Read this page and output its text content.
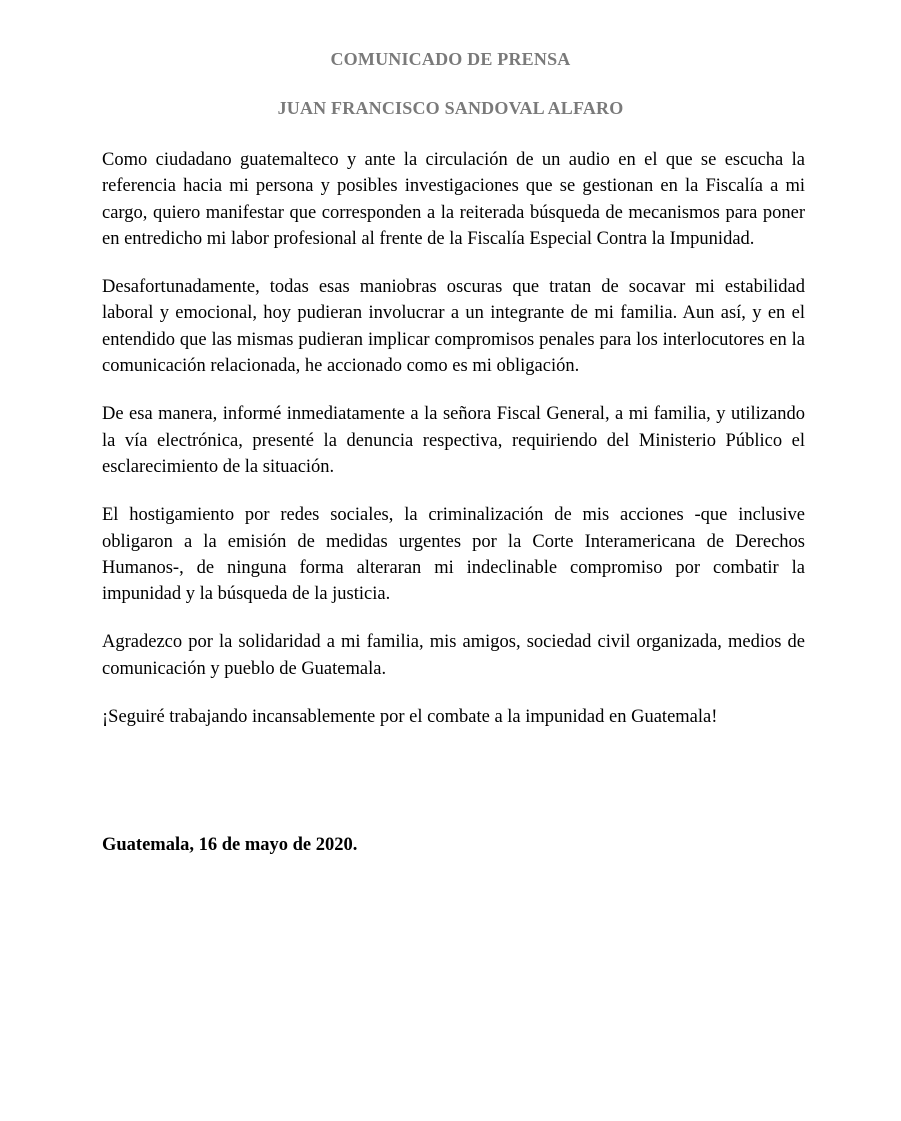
COMUNICADO DE PRENSA
JUAN FRANCISCO SANDOVAL ALFARO

Como ciudadano guatemalteco y ante la circulación de un audio en el que se escucha la referencia hacia mi persona y posibles investigaciones que se gestionan en la Fiscalía a mi cargo, quiero manifestar que corresponden a la reiterada búsqueda de mecanismos para poner en entredicho mi labor profesional al frente de la Fiscalía Especial Contra la Impunidad.

Desafortunadamente, todas esas maniobras oscuras que tratan de socavar mi estabilidad laboral y emocional, hoy pudieran involucrar a un integrante de mi familia. Aun así, y en el entendido que las mismas pudieran implicar compromisos penales para los interlocutores en la comunicación relacionada, he accionado como es mi obligación.

De esa manera, informé inmediatamente a la señora Fiscal General, a mi familia, y utilizando la vía electrónica, presenté la denuncia respectiva, requiriendo del Ministerio Público el esclarecimiento de la situación.

El hostigamiento por redes sociales, la criminalización de mis acciones -que inclusive obligaron a la emisión de medidas urgentes por la Corte Interamericana de Derechos Humanos-, de ninguna forma alteraran mi indeclinable compromiso por combatir la impunidad y la búsqueda de la justicia.

Agradezco por la solidaridad a mi familia, mis amigos, sociedad civil organizada, medios de comunicación y pueblo de Guatemala.

¡Seguiré trabajando incansablemente por el combate a la impunidad en Guatemala!

Guatemala, 16 de mayo de 2020.
